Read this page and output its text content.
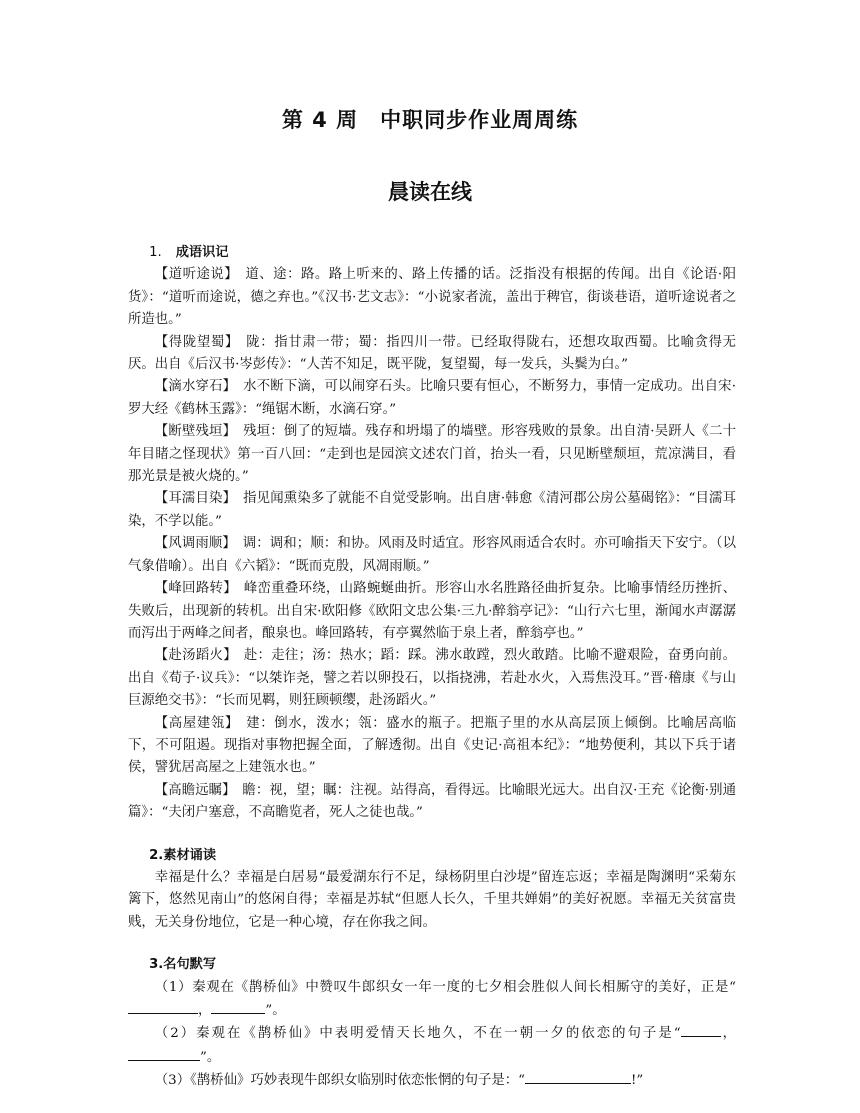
第 4 周　中职同步作业周周练
晨读在线
1. 成语识记

【道听途说】　 道、途：路。路上听来的、路上传播的话。泛指没有根据的传闻。出自《论语·阳货》：“道听而途说，德之弃也。”《汉书·艺文志》：“小说家者流，盖出于稗官，街谈巷语，道听途说者之所造也。”

【得陇望蜀】　 陇：指甘肃一带；蜀：指四川一带。已经取得陇右，还想攻取西蜀。比喻贪得无厌。出自《后汉书·岑彭传》：“人苦不知足，既平陇，复望蜀，每一发兵，头鬓为白。”

【滴水穿石】　 水不断下滴，可以闹穿石头。比喻只要有恒心，不断努力，事情一定成功。出自宋·罗大经《鹤林玉露》：“绳锯木断，水滴石穿。”

【断壁残垣】　 残垣：倒了的短墙。残存和坍塌了的墙壁。形容残败的景象。出自清·吴趼人《二十年目睹之怪现状》第一百八回：“走到也是园滨文述农门首，抬头一看，只见断壁颓垣，荒凉满目，看那光景是被火烧的。”

【耳濡目染】　 指见闻熏染多了就能不自觉受影响。出自唐·韩愈《清河郡公房公墓碣铭》：“目濡耳染，不学以能。”

【风调雨顺】　 调：调和；顺：和协。风雨及时适宜。形容风雨适合农时。亦可喻指天下安宁。（以气象借喻）。出自《六韬》：“既而克殷，风凋雨顺。”

【峰回路转】　 峰峦重叠环绕，山路蜿蜒曲折。形容山水名胜路径曲折复杂。比喻事情经历挫折、失败后，出现新的转机。出自宋·欧阳修《欧阳文忠公集·三九·醉翁亭记》：“山行六七里，渐闻水声潺潺而泻出于两峰之间者，酿泉也。峰回路转，有亭翼然临于泉上者，醉翁亭也。”

【赴汤蹈火】　 赴：走往；汤：热水；蹈：踩。沸水敢蹚，烈火敢踏。比喻不避艰险，奋勇向前。出自《荀子·议兵》：“以桀诈尧，譬之若以卵投石，以指挠沸，若赴水火，入焉焦没耳。”晋·稽康《与山巨源绝交书》：“长而见羁，则狂顾顿缨，赴汤蹈火。”

【高屋建瓴】　 建：倒水，泼水；瓴：盛水的瓶子。把瓶子里的水从高层顶上倾倒。比喻居高临下，不可阻遏。现指对事物把握全面，了解透彻。出自《史记·高祖本纪》：“地势便利，其以下兵于诸侯，譬犹居高屋之上建瓴水也。”

【高瞻远瞩】　 瞻：视，望；瞩：注视。站得高，看得远。比喻眼光远大。出自汉·王充《论衡·别通篇》：“夫闭户塞意，不高瞻览者，死人之徒也哉。”

2.素材诵读

幸福是什么？幸福是白居易“最爱湖东行不足，绿杨阴里白沙堤”留连忘返；幸福是陶渊明“采菊东篱下，悠然见南山”的悠闲自得；幸福是苏轼“但愿人长久，千里共婵娟”的美好祝愿。幸福无关贫富贵贱，无关身份地位，它是一种心境，存在你我之间。

3.名句默写

（1）秦观在《鹊桥仙》中赞叹牛郎织女一年一度的七夕相会胜似人间长相厮守的美好，正是“，	”。

（2）秦观在《鹊桥仙》中表明爱情天长地久，不在一朝一夕的依恋的句子是“	，”。

（3）《鹊桥仙》巧妙表现牛郎织女临别时依恋怅惘的句子是：“	!”
